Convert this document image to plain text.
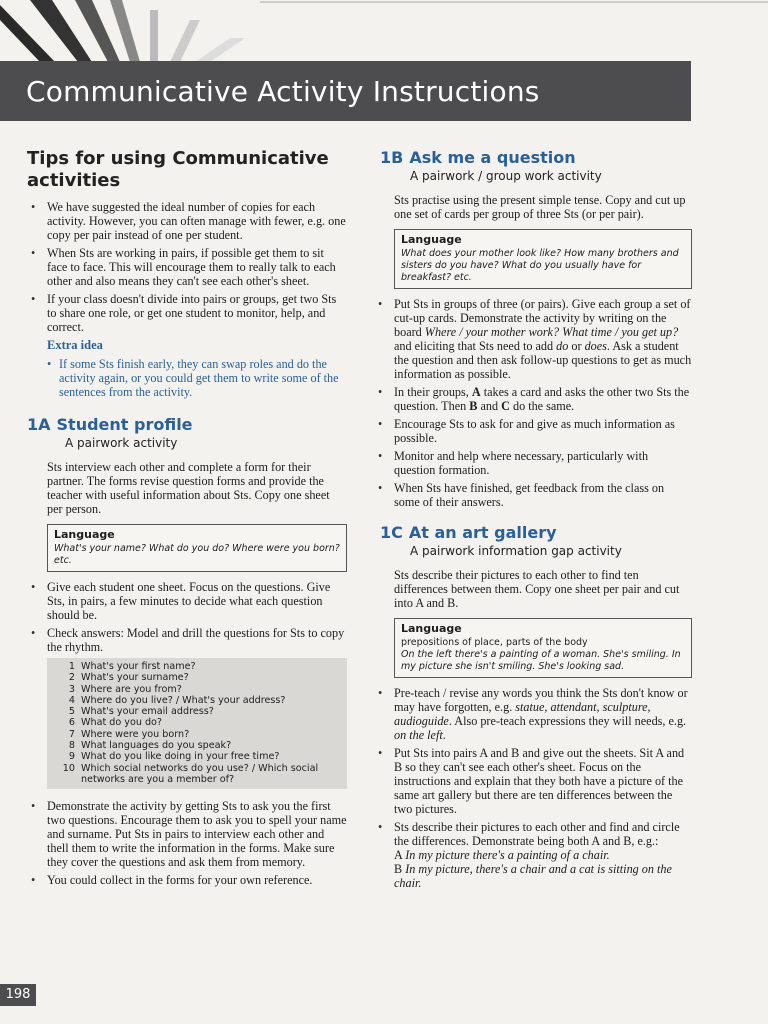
Communicative Activity Instructions
Tips for using Communicative activities
• We have suggested the ideal number of copies for each activity. However, you can often manage with fewer, e.g. one copy per pair instead of one per student.
• When Sts are working in pairs, if possible get them to sit face to face. This will encourage them to really talk to each other and also means they can't see each other's sheet.
• If your class doesn't divide into pairs or groups, get two Sts to share one role, or get one student to monitor, help, and correct.
Extra idea
• If some Sts finish early, they can swap roles and do the activity again, or you could get them to write some of the sentences from the activity.
1A Student profile
A pairwork activity

Sts interview each other and complete a form for their partner. The forms revise question forms and provide the teacher with useful information about Sts. Copy one sheet per person.

Language
What's your name? What do you do? Where were you born? etc.
• Give each student one sheet. Focus on the questions. Give Sts, in pairs, a few minutes to decide what each question should be.
• Check answers: Model and drill the questions for Sts to copy the rhythm.
1 What's your first name?
2 What's your surname?
3 Where are you from?
4 Where do you live? / What's your address?
5 What's your email address?
6 What do you do?
7 Where were you born?
8 What languages do you speak?
9 What do you like doing in your free time?
10 Which social networks do you use? / Which social networks are you a member of?
• Demonstrate the activity by getting Sts to ask you the first two questions. Encourage them to ask you to spell your name and surname. Put Sts in pairs to interview each other and thell them to write the information in the forms. Make sure they cover the questions and ask them from memory.
• You could collect in the forms for your own reference.
1B Ask me a question
A pairwork / group work activity

Sts practise using the present simple tense. Copy and cut up one set of cards per group of three Sts (or per pair).

Language
What does your mother look like? How many brothers and sisters do you have? What do you usually have for breakfast? etc.
• Put Sts in groups of three (or pairs). Give each group a set of cut-up cards. Demonstrate the activity by writing on the board Where / your mother work? What time / you get up? and eliciting that Sts need to add do or does. Ask a student the question and then ask follow-up questions to get as much information as possible.
• In their groups, A takes a card and asks the other two Sts the question. Then B and C do the same.
• Encourage Sts to ask for and give as much information as possible.
• Monitor and help where necessary, particularly with question formation.
• When Sts have finished, get feedback from the class on some of their answers.
1C At an art gallery
A pairwork information gap activity

Sts describe their pictures to each other to find ten differences between them. Copy one sheet per pair and cut into A and B.

Language
prepositions of place, parts of the body
On the left there's a painting of a woman. She's smiling. In my picture she isn't smiling. She's looking sad.
• Pre-teach / revise any words you think the Sts don't know or may have forgotten, e.g. statue, attendant, sculpture, audioguide. Also pre-teach expressions they will needs, e.g. on the left.
• Put Sts into pairs A and B and give out the sheets. Sit A and B so they can't see each other's sheet. Focus on the instructions and explain that they both have a picture of the same art gallery but there are ten differences between the two pictures.
• Sts describe their pictures to each other and find and circle the differences. Demonstrate being both A and B, e.g.:
A In my picture there's a painting of a chair.
B In my picture, there's a chair and a cat is sitting on the chair.
198
